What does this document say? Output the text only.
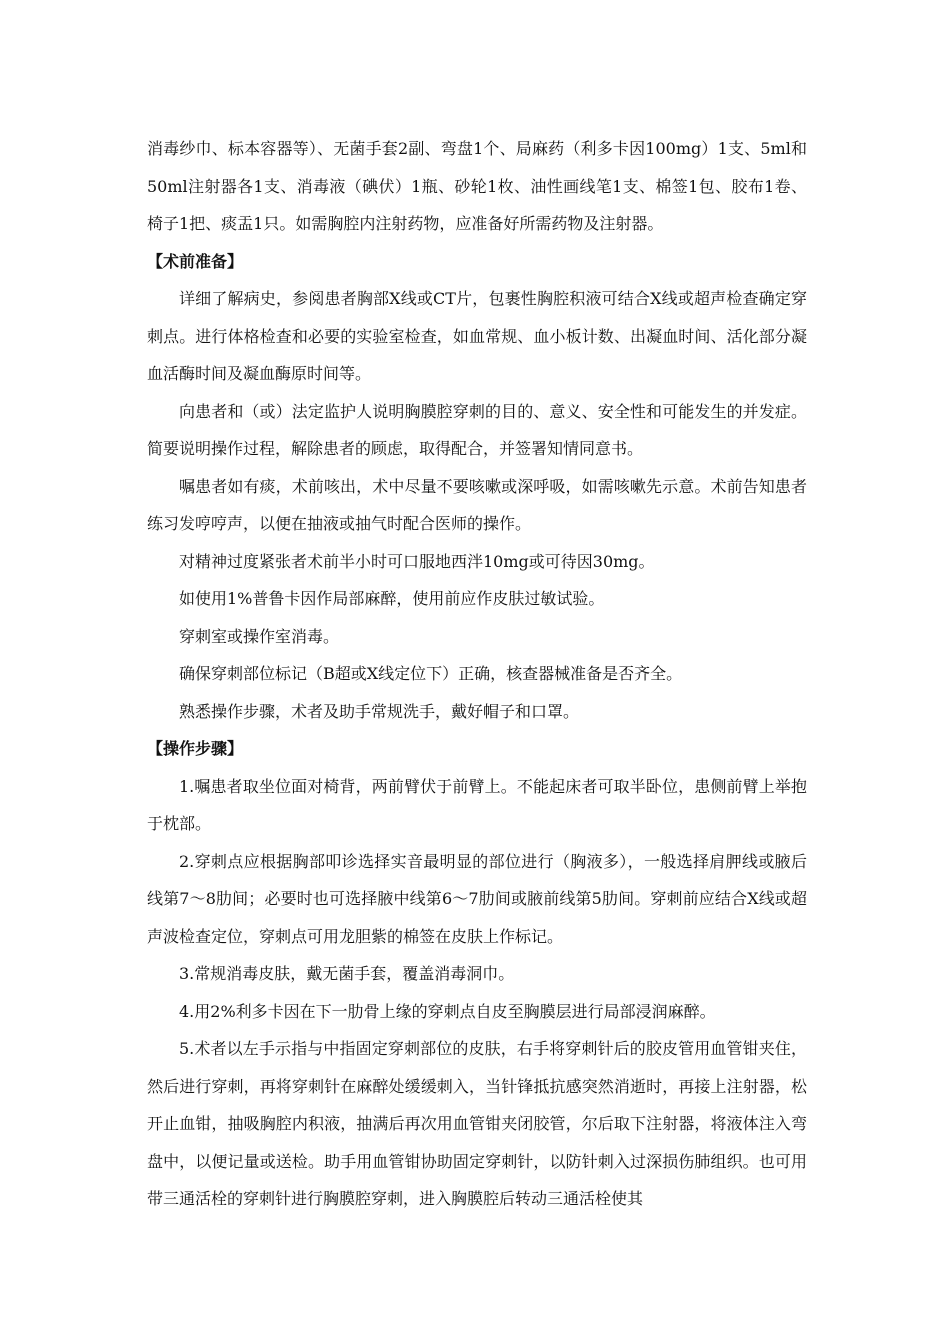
消毒纱巾、标本容器等）、无菌手套2副、弯盘1个、局麻药（利多卡因100mg）1支、5ml和50ml注射器各1支、消毒液（碘伏）1瓶、砂轮1枚、油性画线笔1支、棉签1包、胶布1卷、椅子1把、痰盂1只。如需胸腔内注射药物，应准备好所需药物及注射器。

【术前准备】

详细了解病史，参阅患者胸部X线或CT片，包裹性胸腔积液可结合X线或超声检查确定穿刺点。进行体格检查和必要的实验室检查，如血常规、血小板计数、出凝血时间、活化部分凝血活酶时间及凝血酶原时间等。

向患者和（或）法定监护人说明胸膜腔穿刺的目的、意义、安全性和可能发生的并发症。简要说明操作过程，解除患者的顾虑，取得配合，并签署知情同意书。

嘱患者如有痰，术前咳出，术中尽量不要咳嗽或深呼吸，如需咳嗽先示意。术前告知患者练习发哼哼声，以便在抽液或抽气时配合医师的操作。

对精神过度紧张者术前半小时可口服地西泮10mg或可待因30mg。

如使用1%普鲁卡因作局部麻醉，使用前应作皮肤过敏试验。

穿刺室或操作室消毒。

确保穿刺部位标记（B超或X线定位下）正确，核查器械准备是否齐全。

熟悉操作步骤，术者及助手常规洗手，戴好帽子和口罩。

【操作步骤】

1.嘱患者取坐位面对椅背，两前臂伏于前臂上。不能起床者可取半卧位，患侧前臂上举抱于枕部。

2.穿刺点应根据胸部叩诊选择实音最明显的部位进行（胸液多），一般选择肩胛线或腋后线第7～8肋间；必要时也可选择腋中线第6～7肋间或腋前线第5肋间。穿刺前应结合X线或超声波检查定位，穿刺点可用龙胆紫的棉签在皮肤上作标记。

3.常规消毒皮肤，戴无菌手套，覆盖消毒洞巾。

4.用2%利多卡因在下一肋骨上缘的穿刺点自皮至胸膜层进行局部浸润麻醉。

5.术者以左手示指与中指固定穿刺部位的皮肤，右手将穿刺针后的胶皮管用血管钳夹住，然后进行穿刺，再将穿刺针在麻醉处缓缓刺入，当针锋抵抗感突然消逝时，再接上注射器，松开止血钳，抽吸胸腔内积液，抽满后再次用血管钳夹闭胶管，尔后取下注射器，将液体注入弯盘中，以便记量或送检。助手用血管钳协助固定穿刺针，以防针刺入过深损伤肺组织。也可用带三通活栓的穿刺针进行胸膜腔穿刺，进入胸膜腔后转动三通活栓使其
